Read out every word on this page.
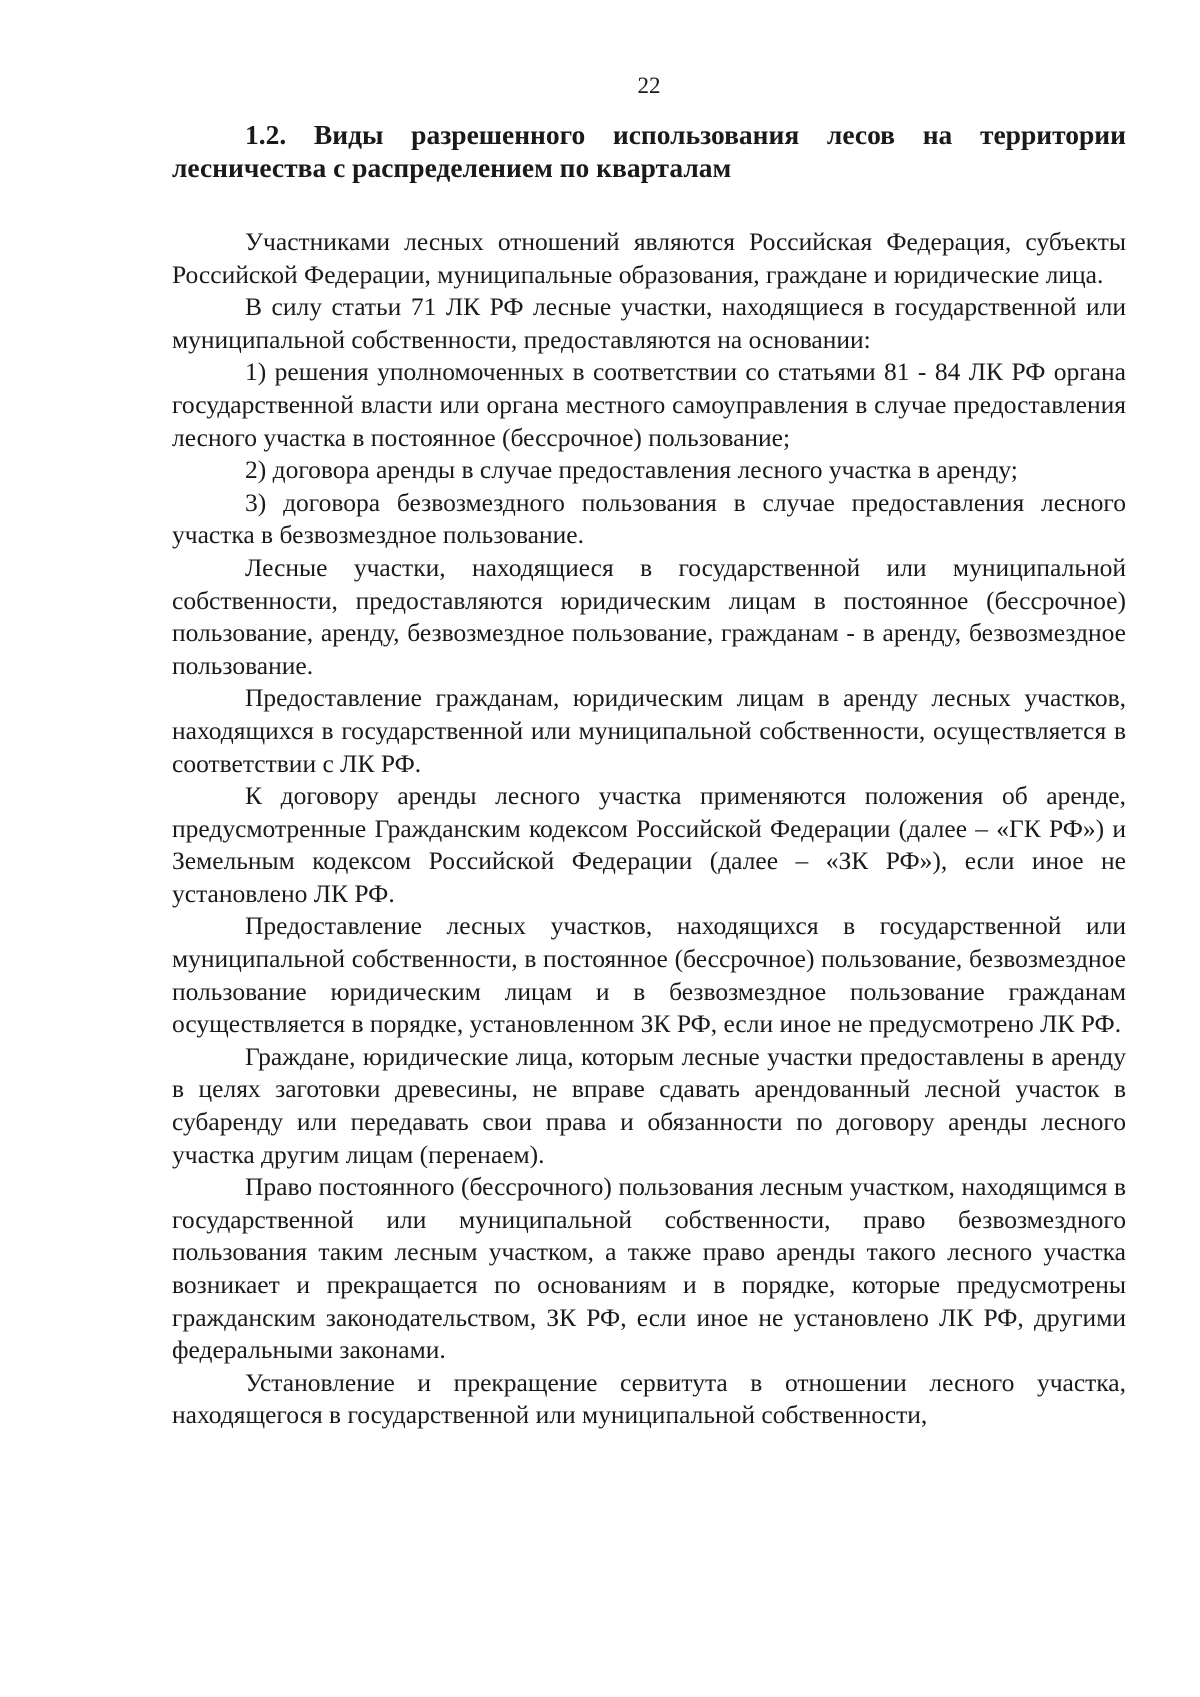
22
1.2. Виды разрешенного использования лесов на территории лесничества с распределением по кварталам

Участниками лесных отношений являются Российская Федерация, субъекты Российской Федерации, муниципальные образования, граждане и юридические лица.

В силу статьи 71 ЛК РФ лесные участки, находящиеся в государственной или муниципальной собственности, предоставляются на основании:

1) решения уполномоченных в соответствии со статьями 81 - 84 ЛК РФ органа государственной власти или органа местного самоуправления в случае предоставления лесного участка в постоянное (бессрочное) пользование;

2) договора аренды в случае предоставления лесного участка в аренду;

3) договора безвозмездного пользования в случае предоставления лесного участка в безвозмездное пользование.

Лесные участки, находящиеся в государственной или муниципальной собственности, предоставляются юридическим лицам в постоянное (бессрочное) пользование, аренду, безвозмездное пользование, гражданам - в аренду, безвозмездное пользование.

Предоставление гражданам, юридическим лицам в аренду лесных участков, находящихся в государственной или муниципальной собственности, осуществляется в соответствии с ЛК РФ.

К договору аренды лесного участка применяются положения об аренде, предусмотренные Гражданским кодексом Российской Федерации (далее – «ГК РФ») и Земельным кодексом Российской Федерации (далее – «ЗК РФ»), если иное не установлено ЛК РФ.

Предоставление лесных участков, находящихся в государственной или муниципальной собственности, в постоянное (бессрочное) пользование, безвозмездное пользование юридическим лицам и в безвозмездное пользование гражданам осуществляется в порядке, установленном ЗК РФ, если иное не предусмотрено ЛК РФ.

Граждане, юридические лица, которым лесные участки предоставлены в аренду в целях заготовки древесины, не вправе сдавать арендованный лесной участок в субаренду или передавать свои права и обязанности по договору аренды лесного участка другим лицам (перенаем).

Право постоянного (бессрочного) пользования лесным участком, находящимся в государственной или муниципальной собственности, право безвозмездного пользования таким лесным участком, а также право аренды такого лесного участка возникает и прекращается по основаниям и в порядке, которые предусмотрены гражданским законодательством, ЗК РФ, если иное не установлено ЛК РФ, другими федеральными законами.

Установление и прекращение сервитута в отношении лесного участка, находящегося в государственной или муниципальной собственности,
